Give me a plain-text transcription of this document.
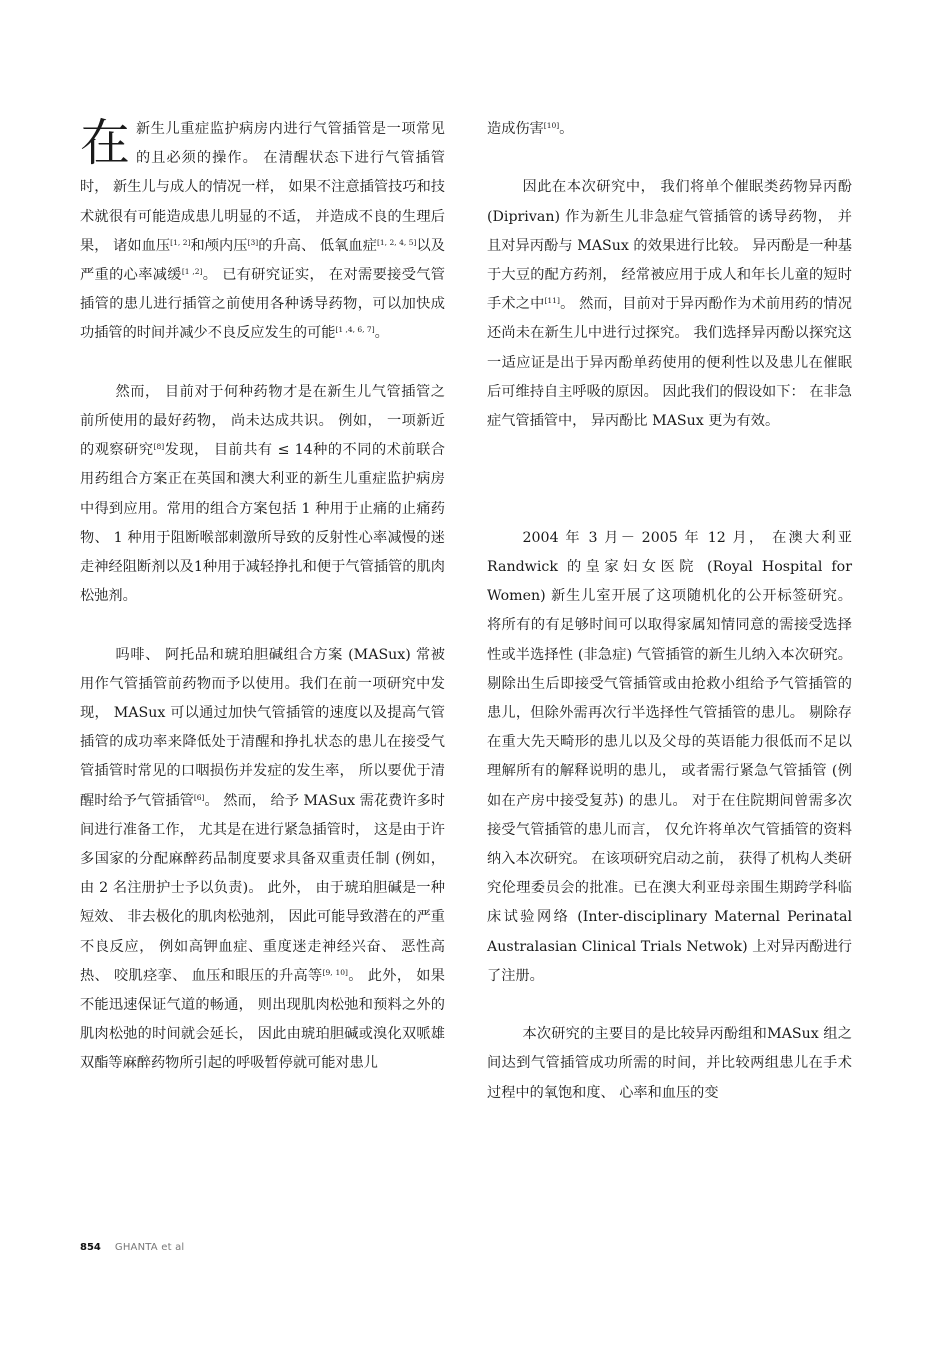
在新生儿重症监护病房内进行气管插管是一项常见的且必须的操作。 在清醒状态下进行气管插管时， 新生儿与成人的情况一样， 如果不注意插管技巧和技术就很有可能造成患儿明显的不适， 并造成不良的生理后果， 诸如血压[1, 2]和颅内压[3]的升高、 低氧血症[1, 2, 4, 5]以及严重的心率减缓[1 ,2]。 已有研究证实， 在对需要接受气管插管的患儿进行插管之前使用各种诱导药物，可以加快成功插管的时间并减少不良反应发生的可能[1 ,4, 6, 7]。

然而， 目前对于何种药物才是在新生儿气管插管之前所使用的最好药物， 尚未达成共识。 例如， 一项新近的观察研究[8]发现， 目前共有 ≤ 14种的不同的术前联合用药组合方案正在英国和澳大利亚的新生儿重症监护病房中得到应用。常用的组合方案包括 1 种用于止痛的止痛药物、 1 种用于阻断喉部刺激所导致的反射性心率减慢的迷走神经阻断剂以及1种用于减轻挣扎和便于气管插管的肌肉松弛剂。

吗啡、 阿托品和琥珀胆碱组合方案 (MASux) 常被用作气管插管前药物而予以使用。我们在前一项研究中发现， MASux 可以通过加快气管插管的速度以及提高气管插管的成功率来降低处于清醒和挣扎状态的患儿在接受气管插管时常见的口咽损伤并发症的发生率， 所以要优于清醒时给予气管插管[6]。 然而， 给予 MASux 需花费许多时间进行准备工作， 尤其是在进行紧急插管时， 这是由于许多国家的分配麻醉药品制度要求具备双重责任制 (例如， 由 2 名注册护士予以负责)。 此外， 由于琥珀胆碱是一种短效、 非去极化的肌肉松弛剂， 因此可能导致潜在的严重不良反应， 例如高钾血症、重度迷走神经兴奋、 恶性高热、 咬肌痉挛、 血压和眼压的升高等[9, 10]。 此外， 如果不能迅速保证气道的畅通， 则出现肌肉松弛和预料之外的肌肉松弛的时间就会延长， 因此由琥珀胆碱或溴化双哌雄双酯等麻醉药物所引起的呼吸暂停就可能对患儿

造成伤害[10]。

因此在本次研究中， 我们将单个催眠类药物异丙酚 (Diprivan) 作为新生儿非急症气管插管的诱导药物， 并且对异丙酚与 MASux 的效果进行比较。 异丙酚是一种基于大豆的配方药剂， 经常被应用于成人和年长儿童的短时手术之中[11]。 然而，目前对于异丙酚作为术前用药的情况还尚未在新生儿中进行过探究。 我们选择异丙酚以探究这一适应证是出于异丙酚单药使用的便利性以及患儿在催眠后可维持自主呼吸的原因。 因此我们的假设如下： 在非急症气管插管中， 异丙酚比 MASux 更为有效。

2004 年 3 月－ 2005 年 12 月， 在澳大利亚 Randwick 的皇家妇女医院 (Royal Hospital for Women) 新生儿室开展了这项随机化的公开标签研究。 将所有的有足够时间可以取得家属知情同意的需接受选择性或半选择性 (非急症) 气管插管的新生儿纳入本次研究。 剔除出生后即接受气管插管或由抢救小组给予气管插管的患儿，但除外需再次行半选择性气管插管的患儿。 剔除存在重大先天畸形的患儿以及父母的英语能力很低而不足以理解所有的解释说明的患儿， 或者需行紧急气管插管 (例如在产房中接受复苏) 的患儿。 对于在住院期间曾需多次接受气管插管的患儿而言， 仅允许将单次气管插管的资料纳入本次研究。 在该项研究启动之前， 获得了机构人类研究伦理委员会的批准。已在澳大利亚母亲围生期跨学科临床试验网络 (Inter-disciplinary Maternal Perinatal Australasian Clinical Trials Netwok) 上对异丙酚进行了注册。

本次研究的主要目的是比较异丙酚组和MASux 组之间达到气管插管成功所需的时间，并比较两组患儿在手术过程中的氧饱和度、 心率和血压的变

854 GHANTA et al
